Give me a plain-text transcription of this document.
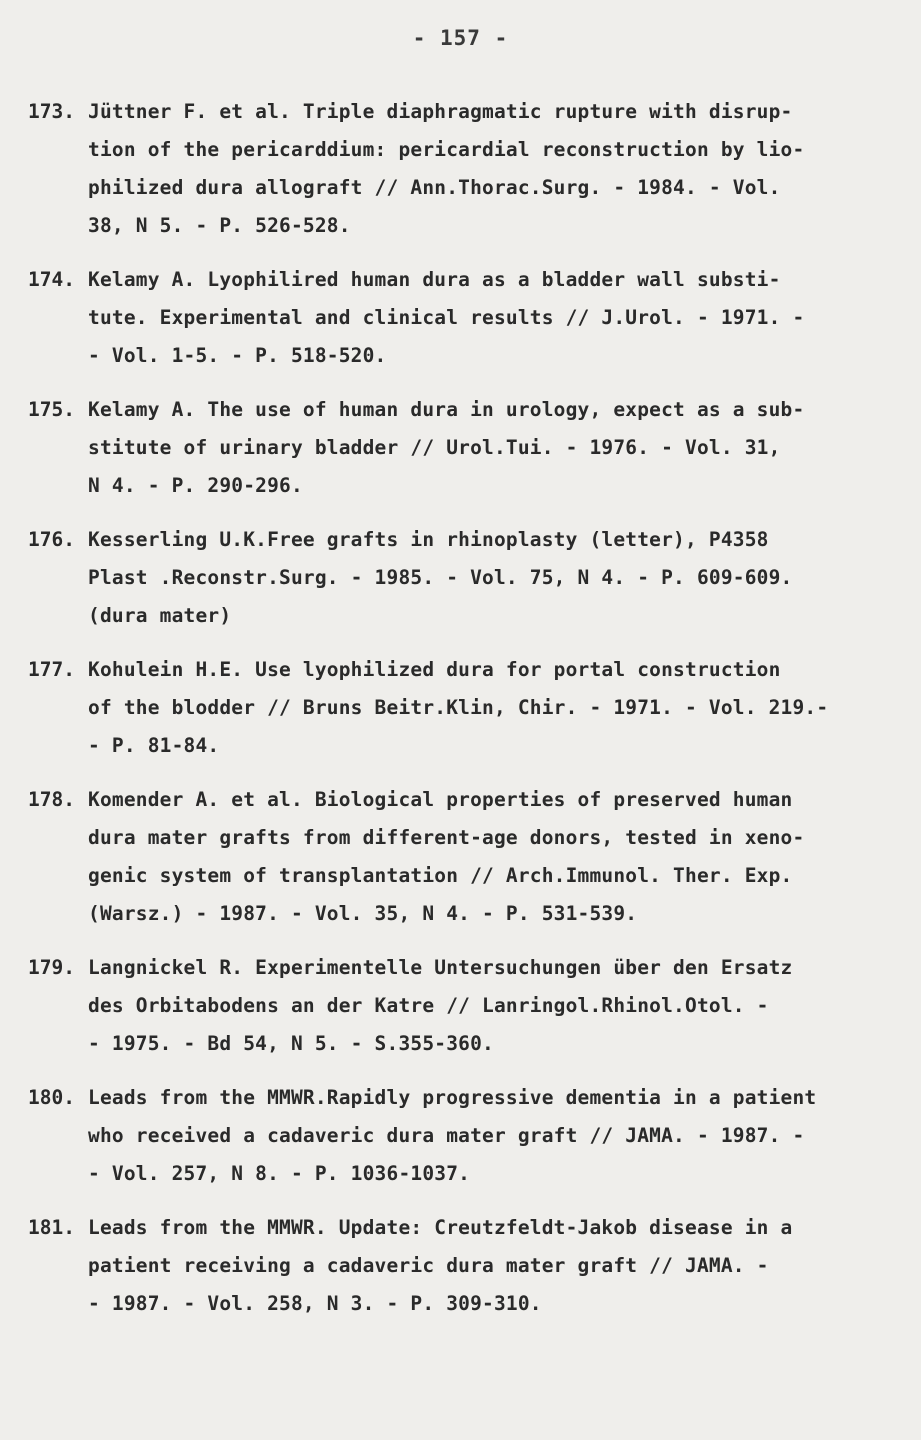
- 157 -
173. Jüttner F. et al. Triple diaphragmatic rupture with disrup-
tion of the pericarddium: pericardial reconstruction by lio-
philized dura allograft // Ann.Thorac.Surg. - 1984. - Vol.
38, N 5. - P. 526-528.
174. Kelamy A. Lyophilired human dura as a bladder wall substi-
tute. Experimental and clinical results // J.Urol. - 1971. -
- Vol. 1-5. - P. 518-520.
175. Kelamy A. The use of human dura in urology, expect as a sub-
stitute of urinary bladder // Urol.Tui. - 1976. - Vol. 31,
N 4. - P. 290-296.
176. Kesserling U.K.Free grafts in rhinoplasty (letter), P4358
Plast .Reconstr.Surg. - 1985. - Vol. 75, N 4. - P. 609-609.
(dura mater)
177. Kohulein H.E. Use lyophilized dura for portal construction
of the blodder // Bruns Beitr.Klin, Chir. - 1971. - Vol. 219.-
- P. 81-84.
178. Komender A. et al. Biological properties of preserved human
dura mater grafts from different-age donors, tested in xeno-
genic system of transplantation // Arch.Immunol. Ther. Exp.
(Warsz.) - 1987. - Vol. 35, N 4. - P. 531-539.
179. Langnickel R. Experimentelle Untersuchungen über den Ersatz
des Orbitabodens an der Katre // Lanringol.Rhinol.Otol. -
- 1975. - Bd 54, N 5. - S.355-360.
180. Leads from the MMWR.Rapidly progressive dementia in a patient
who received a cadaveric dura mater graft // JAMA. - 1987. -
- Vol. 257, N 8. - P. 1036-1037.
181. Leads from the MMWR. Update: Creutzfeldt-Jakob disease in a
patient receiving a cadaveric dura mater graft // JAMA. -
- 1987. - Vol. 258, N 3. - P. 309-310.
